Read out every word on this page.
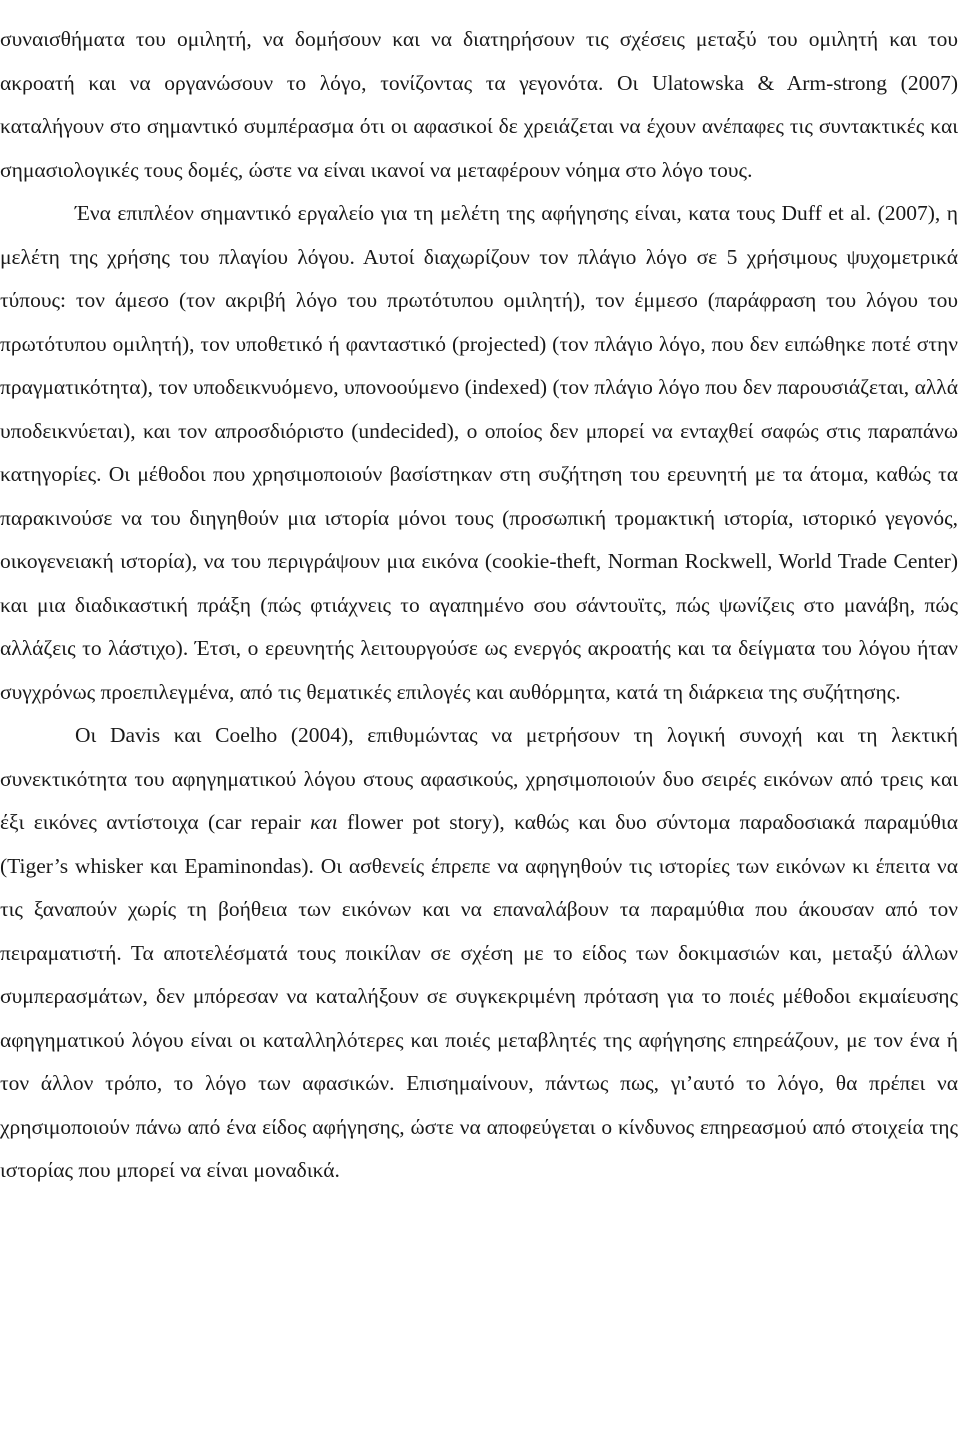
συναισθήματα του ομιλητή, να δομήσουν και να διατηρήσουν τις σχέσεις μεταξύ του ομιλητή και του ακροατή και να οργανώσουν το λόγο, τονίζοντας τα γεγονότα. Οι Ulatowska & Arm-strong (2007) καταλήγουν στο σημαντικό συμπέρασμα ότι οι αφασικοί δε χρειάζεται να έχουν ανέπαφες τις συντακτικές και σημασιολογικές τους δομές, ώστε να είναι ικανοί να μεταφέρουν νόημα στο λόγο τους.

Ένα επιπλέον σημαντικό εργαλείο για τη μελέτη της αφήγησης είναι, κατα τους Duff et al. (2007), η μελέτη της χρήσης του πλαγίου λόγου. Αυτοί διαχωρίζουν τον πλάγιο λόγο σε 5 χρήσιμους ψυχομετρικά τύπους: τον άμεσο (τον ακριβή λόγο του πρωτότυπου ομιλητή), τον έμμεσο (παράφραση του λόγου του πρωτότυπου ομιλητή), τον υποθετικό ή φανταστικό (projected) (τον πλάγιο λόγο, που δεν ειπώθηκε ποτέ στην πραγματικότητα), τον υποδεικνυόμενο, υπονοούμενο (indexed) (τον πλάγιο λόγο που δεν παρουσιάζεται, αλλά υποδεικνύεται), και τον απροσδιόριστο (undecided), ο οποίος δεν μπορεί να ενταχθεί σαφώς στις παραπάνω κατηγορίες. Οι μέθοδοι που χρησιμοποιούν βασίστηκαν στη συζήτηση του ερευνητή με τα άτομα, καθώς τα παρακινούσε να του διηγηθούν μια ιστορία μόνοι τους (προσωπική τρομακτική ιστορία, ιστορικό γεγονός, οικογενειακή ιστορία), να του περιγράψουν μια εικόνα (cookie-theft, Norman Rockwell, World Trade Center) και μια διαδικαστική πράξη (πώς φτιάχνεις το αγαπημένο σου σάντουϊτς, πώς ψωνίζεις στο μανάβη, πώς αλλάζεις το λάστιχο). Έτσι, ο ερευνητής λειτουργούσε ως ενεργός ακροατής και τα δείγματα του λόγου ήταν συγχρόνως προεπιλεγμένα, από τις θεματικές επιλογές και αυθόρμητα, κατά τη διάρκεια της συζήτησης.

Οι Davis και Coelho (2004), επιθυμώντας να μετρήσουν τη λογική συνοχή και τη λεκτική συνεκτικότητα του αφηγηματικού λόγου στους αφασικούς, χρησιμοποιούν δυο σειρές εικόνων από τρεις και έξι εικόνες αντίστοιχα (car repair και flower pot story), καθώς και δυο σύντομα παραδοσιακά παραμύθια (Tiger’s whisker και Epaminondas). Οι ασθενείς έπρεπε να αφηγηθούν τις ιστορίες των εικόνων κι έπειτα να τις ξαναπούν χωρίς τη βοήθεια των εικόνων και να επαναλάβουν τα παραμύθια που άκουσαν από τον πειραματιστή. Τα αποτελέσματά τους ποικίλαν σε σχέση με το είδος των δοκιμασιών και, μεταξύ άλλων συμπερασμάτων, δεν μπόρεσαν να καταλήξουν σε συγκεκριμένη πρόταση για το ποιές μέθοδοι εκμαίευσης αφηγηματικού λόγου είναι οι καταλληλότερες και ποιές μεταβλητές της αφήγησης επηρεάζουν, με τον ένα ή τον άλλον τρόπο, το λόγο των αφασικών. Επισημαίνουν, πάντως πως, γι’αυτό το λόγο, θα πρέπει να χρησιμοποιούν πάνω από ένα είδος αφήγησης, ώστε να αποφεύγεται ο κίνδυνος επηρεασμού από στοιχεία της ιστορίας που μπορεί να είναι μοναδικά.
